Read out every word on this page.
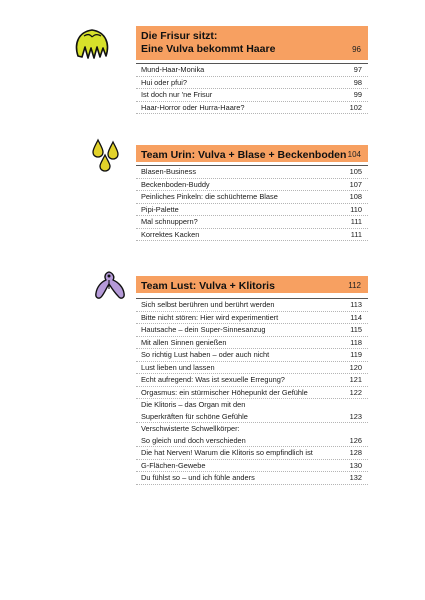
Die Frisur sitzt:
Eine Vulva bekommt Haare	96
Mund-Haar-Monika	97
Hui oder pfui?	98
Ist doch nur 'ne Frisur	99
Haar-Horror oder Hurra-Haare?	102
Team Urin: Vulva + Blase + Beckenboden 104
Blasen-Business	105
Beckenboden-Buddy	107
Peinliches Pinkeln: die schüchterne Blase	108
Pipi-Palette	110
Mal schnuppern?	111
Korrektes Kacken	111
Team Lust: Vulva + Klitoris	112
Sich selbst berühren und berührt werden	113
Bitte nicht stören: Hier wird experimentiert	114
Hautsache – dein Super-Sinnesanzug	115
Mit allen Sinnen genießen	118
So richtig Lust haben – oder auch nicht	119
Lust lieben und lassen	120
Echt aufregend: Was ist sexuelle Erregung?	121
Orgasmus: ein stürmischer Höhepunkt der Gefühle	122
Die Klitoris – das Organ mit den
Superkräften für schöne Gefühle	123
Verschwisterte Schwellkörper:
So gleich und doch verschieden	126
Die hat Nerven! Warum die Klitoris so empfindlich ist	128
G-Flächen-Gewebe	130
Du fühlst so – und ich fühle anders	132
